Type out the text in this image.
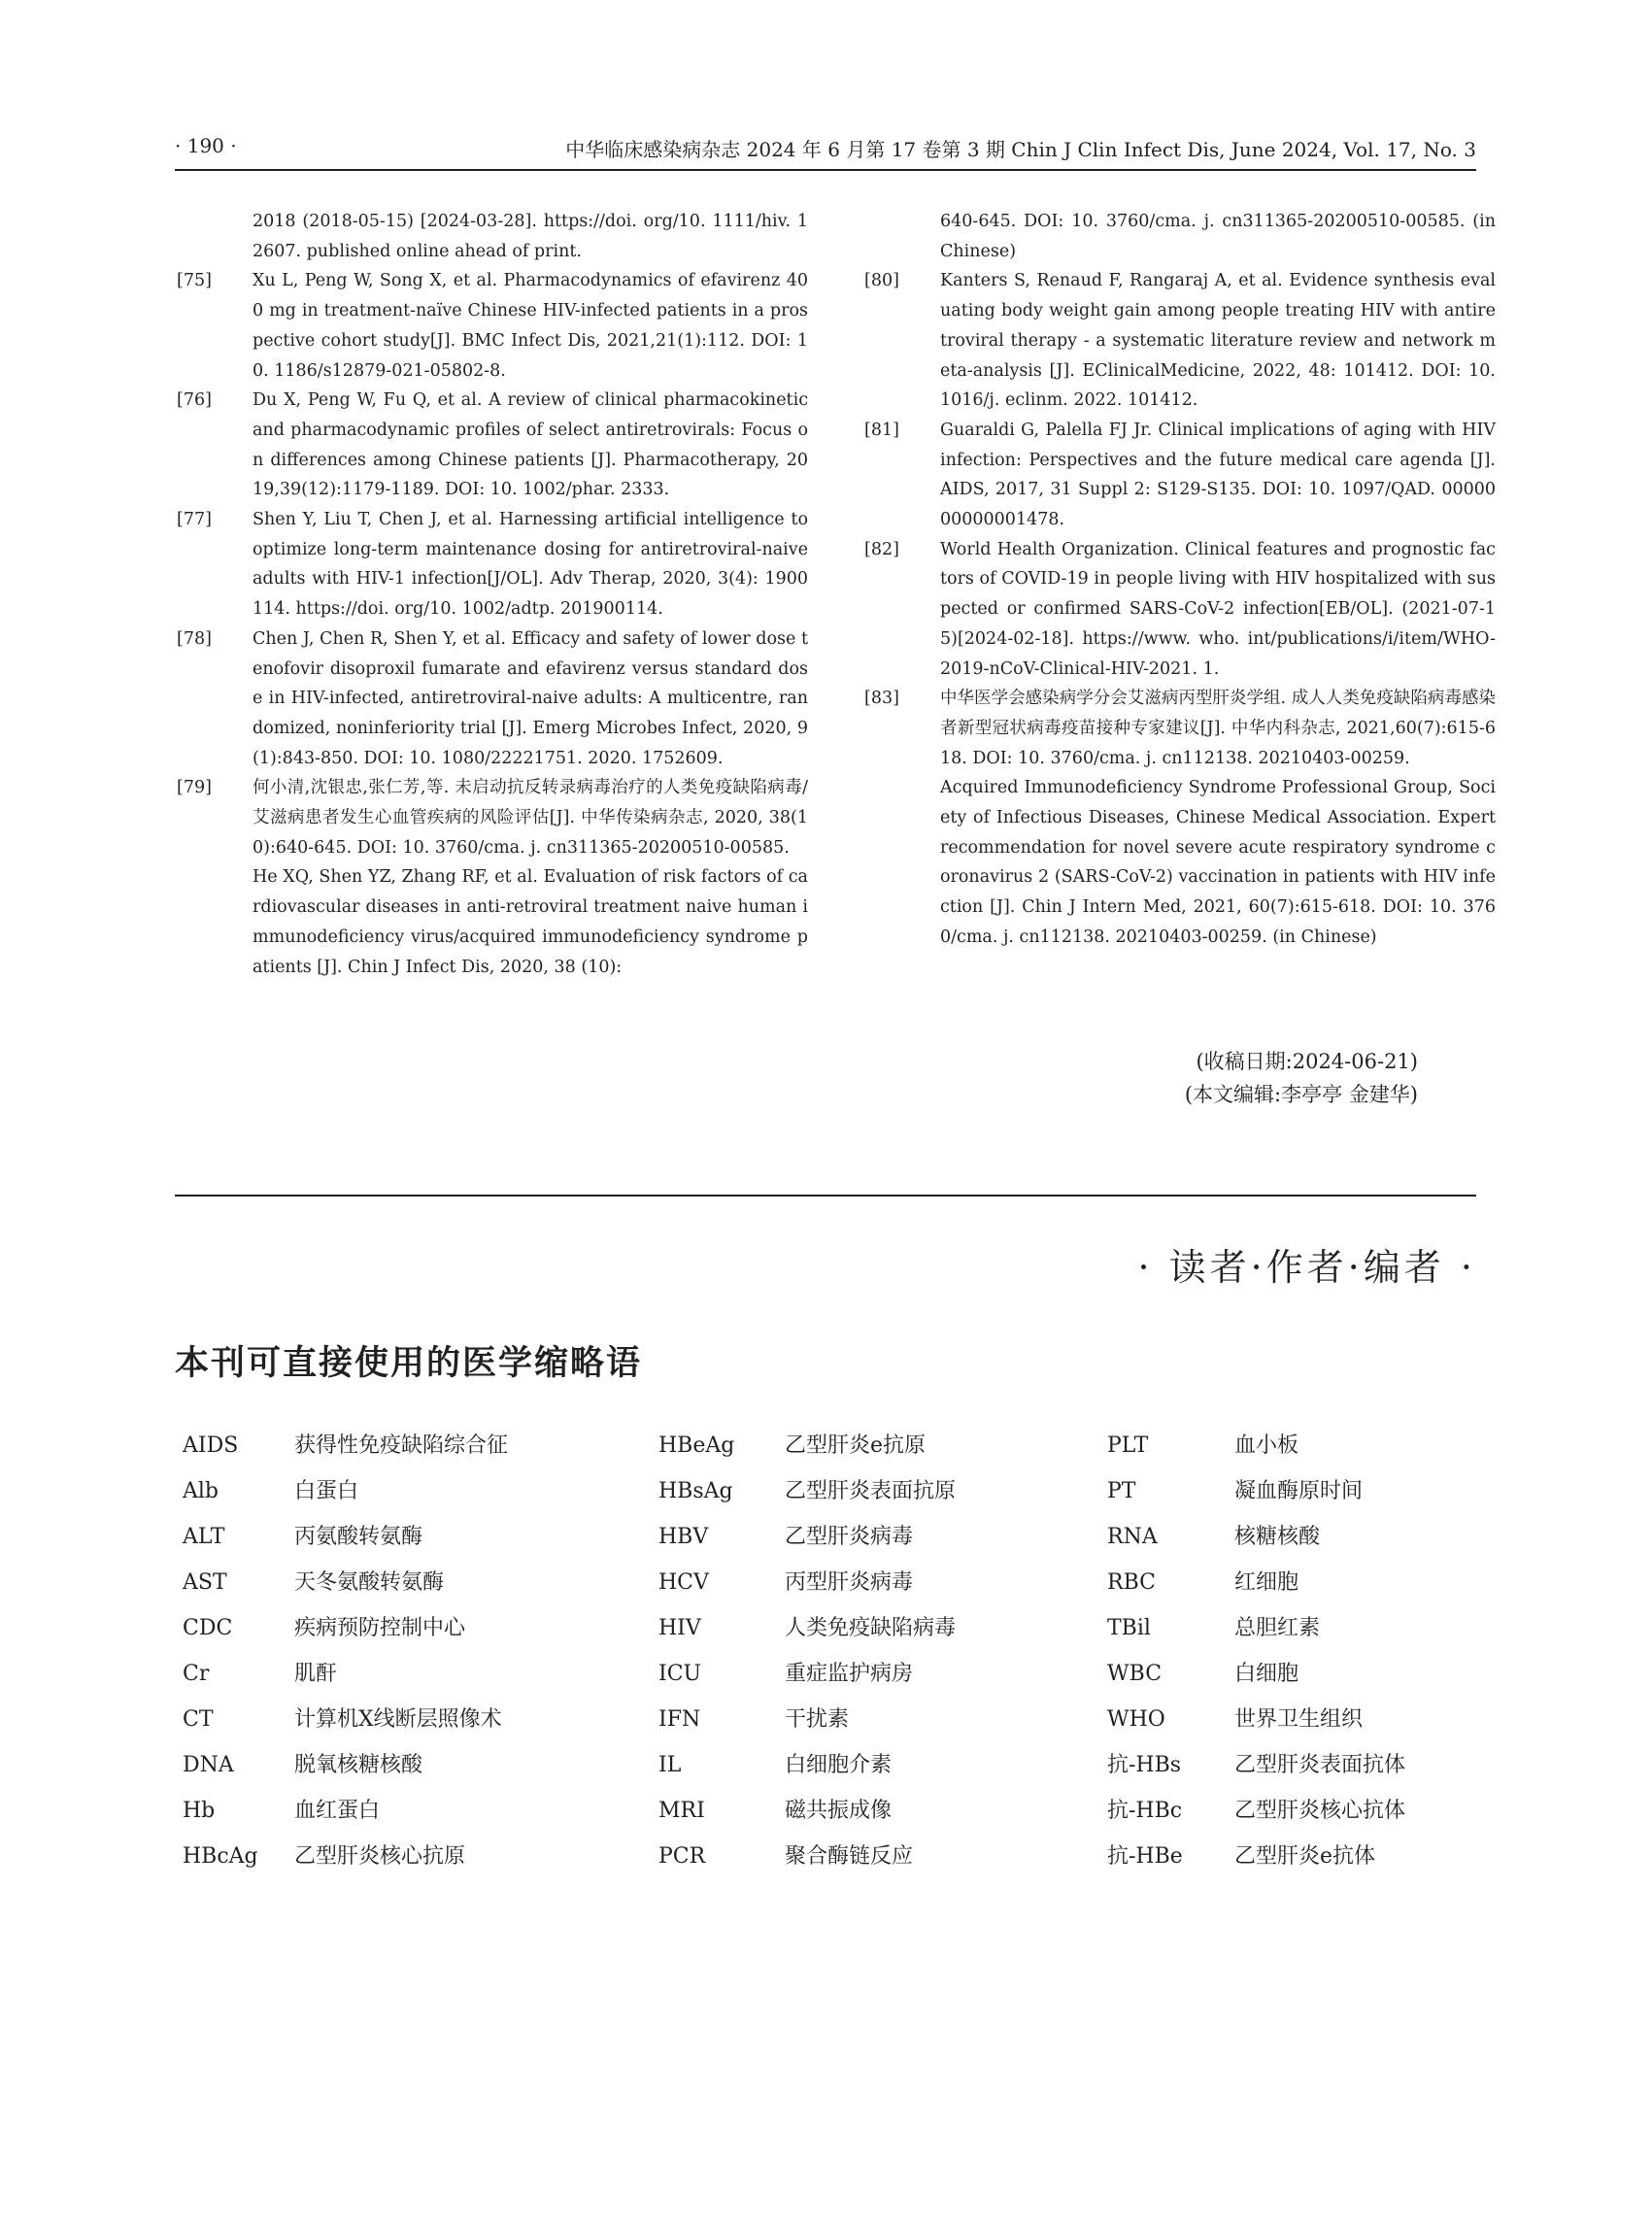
· 190 ·	中华临床感染病杂志 2024 年 6 月第 17 卷第 3 期 Chin J Clin Infect Dis, June 2024, Vol. 17, No. 3
2018 (2018-05-15) [2024-03-28]. https://doi. org/10. 1111/hiv. 12607. published online ahead of print.
[75] Xu L, Peng W, Song X, et al. Pharmacodynamics of efavirenz 400 mg in treatment-naïve Chinese HIV-infected patients in a prospective cohort study[J]. BMC Infect Dis, 2021,21(1):112. DOI: 10. 1186/s12879-021-05802-8.
[76] Du X, Peng W, Fu Q, et al. A review of clinical pharmacokinetic and pharmacodynamic profiles of select antiretrovirals: Focus on differences among Chinese patients [J]. Pharmacotherapy, 2019,39(12):1179-1189. DOI: 10. 1002/phar. 2333.
[77] Shen Y, Liu T, Chen J, et al. Harnessing artificial intelligence to optimize long-term maintenance dosing for antiretroviral-naive adults with HIV-1 infection[J/OL]. Adv Therap, 2020, 3(4): 1900114. https://doi. org/10. 1002/adtp. 201900114.
[78] Chen J, Chen R, Shen Y, et al. Efficacy and safety of lower dose tenofovir disoproxil fumarate and efavirenz versus standard dose in HIV-infected, antiretroviral-naive adults: A multicentre, randomized, noninferiority trial [J]. Emerg Microbes Infect, 2020, 9 (1):843-850. DOI: 10. 1080/22221751. 2020. 1752609.
[79] 何小清,沈银忠,张仁芳,等. 未启动抗反转录病毒治疗的人类免疫缺陷病毒/艾滋病患者发生心血管疾病的风险评估[J]. 中华传染病杂志, 2020, 38(10):640-645. DOI: 10. 3760/cma. j. cn311365-20200510-00585.
He XQ, Shen YZ, Zhang RF, et al. Evaluation of risk factors of cardiovascular diseases in anti-retroviral treatment naive human immunodeficiency virus/acquired immunodeficiency syndrome patients [J]. Chin J Infect Dis, 2020, 38 (10):
640-645. DOI: 10. 3760/cma. j. cn311365-20200510-00585. (in Chinese)
[80] Kanters S, Renaud F, Rangaraj A, et al. Evidence synthesis evaluating body weight gain among people treating HIV with antiretroviral therapy - a systematic literature review and network meta-analysis [J]. EClinicalMedicine, 2022, 48: 101412. DOI: 10. 1016/j. eclinm. 2022. 101412.
[81] Guaraldi G, Palella FJ Jr. Clinical implications of aging with HIV infection: Perspectives and the future medical care agenda [J]. AIDS, 2017, 31 Suppl 2: S129-S135. DOI: 10. 1097/QAD. 0000000000001478.
[82] World Health Organization. Clinical features and prognostic factors of COVID-19 in people living with HIV hospitalized with suspected or confirmed SARS-CoV-2 infection[EB/OL]. (2021-07-15)[2024-02-18]. https://www. who. int/publications/i/item/WHO-2019-nCoV-Clinical-HIV-2021. 1.
[83] 中华医学会感染病学分会艾滋病丙型肝炎学组. 成人人类免疫缺陷病毒感染者新型冠状病毒疫苗接种专家建议[J]. 中华内科杂志, 2021,60(7):615-618. DOI: 10. 3760/cma. j. cn112138. 20210403-00259.
Acquired Immunodeficiency Syndrome Professional Group, Society of Infectious Diseases, Chinese Medical Association. Expert recommendation for novel severe acute respiratory syndrome coronavirus 2 (SARS-CoV-2) vaccination in patients with HIV infection [J]. Chin J Intern Med, 2021, 60(7):615-618. DOI: 10. 3760/cma. j. cn112138. 20210403-00259. (in Chinese)
(收稿日期:2024-06-21)
(本文编辑:李亭亭 金建华)
· 读者·作者·编者 ·
本刊可直接使用的医学缩略语
AIDS	获得性免疫缺陷综合征	HBeAg 乙型肝炎e抗原	PLT	血小板
Alb	白蛋白	HBsAg 乙型肝炎表面抗原	PT	凝血酶原时间
ALT	丙氨酸转氨酶	HBV	乙型肝炎病毒	RNA	核糖核酸
AST	天冬氨酸转氨酶	HCV	丙型肝炎病毒	RBC	红细胞
CDC	疾病预防控制中心	HIV	人类免疫缺陷病毒	TBil	总胆红素
Cr	肌酐	ICU	重症监护病房	WBC	白细胞
CT	计算机X线断层照像术	IFN	干扰素	WHO	世界卫生组织
DNA	脱氧核糖核酸	IL	白细胞介素	抗-HBs 乙型肝炎表面抗体
Hb	血红蛋白	MRI	磁共振成像	抗-HBc 乙型肝炎核心抗体
HBcAg 乙型肝炎核心抗原	PCR	聚合酶链反应	抗-HBe 乙型肝炎e抗体
